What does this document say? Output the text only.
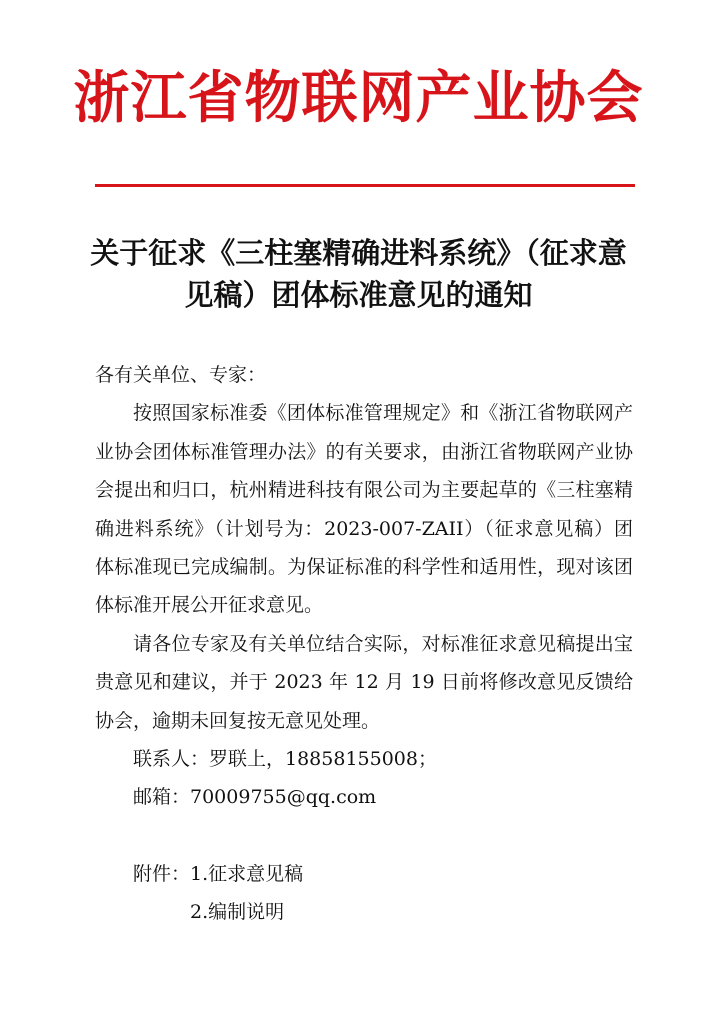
浙江省物联网产业协会
关于征求《三柱塞精确进料系统》（征求意
见稿）团体标准意见的通知

各有关单位、专家：

按照国家标准委《团体标准管理规定》和《浙江省物联网产业协会团体标准管理办法》的有关要求，由浙江省物联网产业协会提出和归口，杭州精进科技有限公司为主要起草的《三柱塞精确进料系统》（计划号为：2023-007-ZAII）（征求意见稿）团体标准现已完成编制。为保证标准的科学性和适用性，现对该团体标准开展公开征求意见。

请各位专家及有关单位结合实际，对标准征求意见稿提出宝贵意见和建议，并于 2023 年 12 月 19 日前将修改意见反馈给协会，逾期未回复按无意见处理。

联系人：罗联上，18858155008；

邮箱：70009755@qq.com

附件： 1.征求意见稿
2.编制说明
